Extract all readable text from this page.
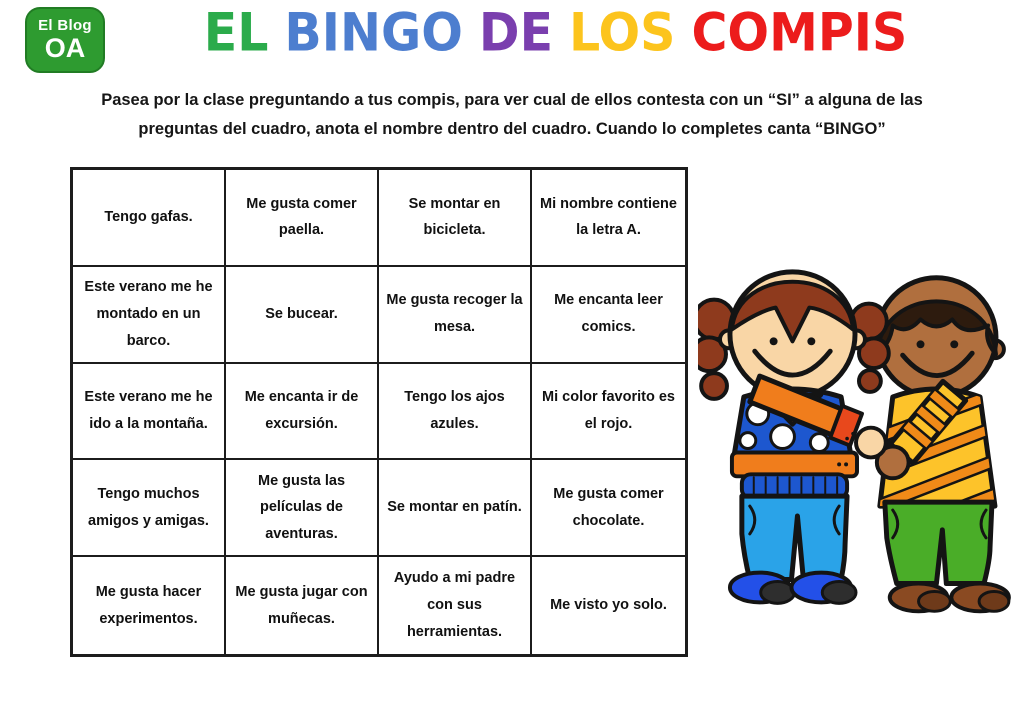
El Blog
OA	EL BINGO DE LOS COMPIS

Pasea por la clase preguntando a tus compis, para ver cual de ellos contesta con un “SI” a alguna de las
preguntas del cuadro, anota el nombre dentro del cuadro. Cuando lo completes canta “BINGO”

Tengo gafas.
Me gusta comer paella.
Se montar en bicicleta.
Mi nombre contiene la letra A.
Este verano me he montado en un barco.
Se bucear.
Me gusta recoger la mesa.
Me encanta leer comics.
Este verano me he ido a la montaña.
Me encanta ir de excursión.
Tengo los ajos azules.
Mi color favorito es el rojo.
Tengo muchos amigos y amigas.
Me gusta las películas de aventuras.
Se montar en patín.
Me gusta comer chocolate.
Me gusta hacer experimentos.
Me gusta jugar con muñecas.
Ayudo a mi padre con sus herramientas.
Me visto yo solo.
